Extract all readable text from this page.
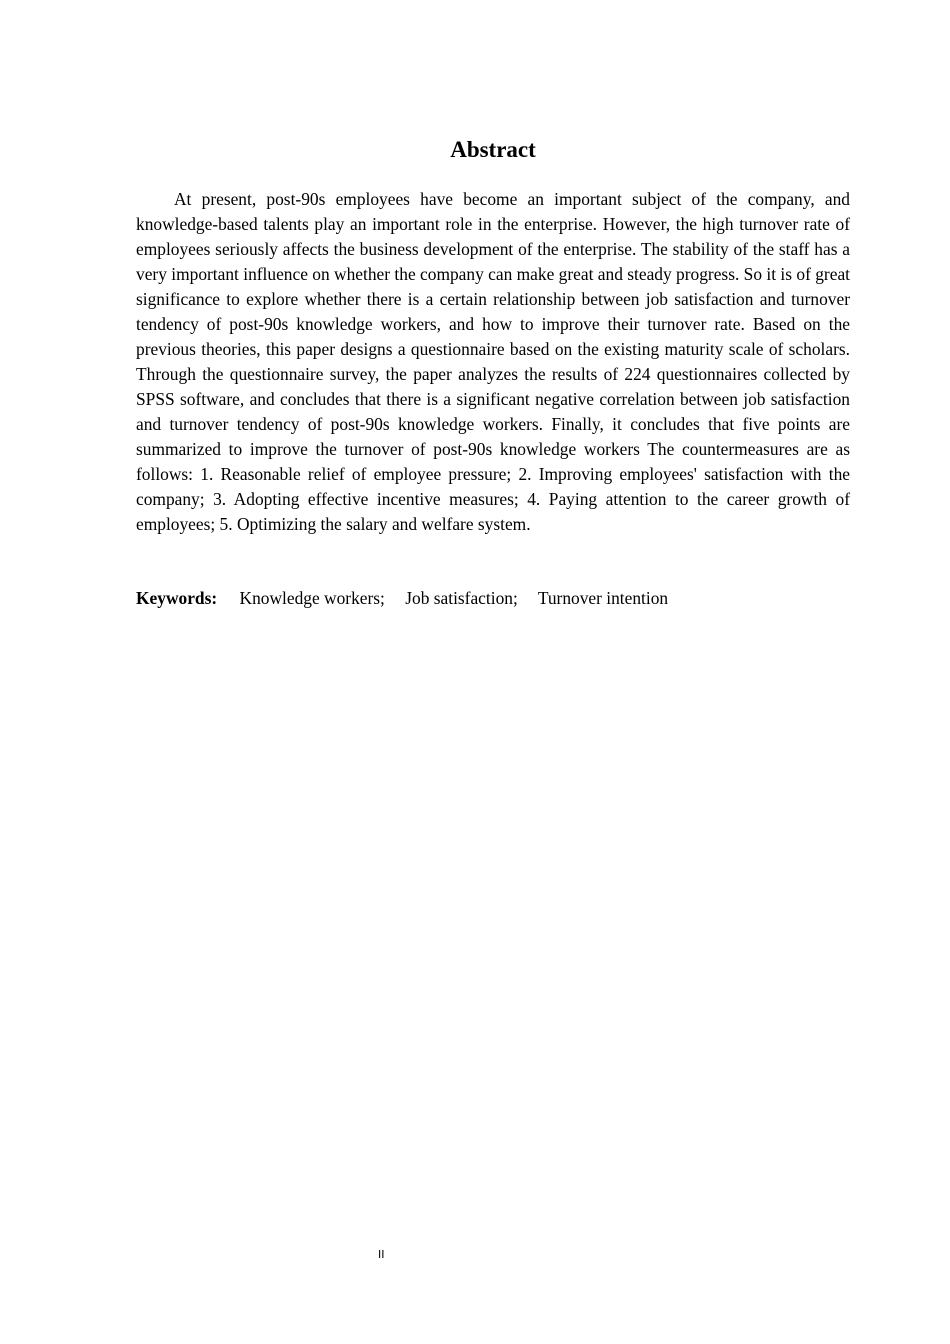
Abstract

At present, post-90s employees have become an important subject of the company, and knowledge-based talents play an important role in the enterprise. However, the high turnover rate of employees seriously affects the business development of the enterprise. The stability of the staff has a very important influence on whether the company can make great and steady progress. So it is of great significance to explore whether there is a certain relationship between job satisfaction and turnover tendency of post-90s knowledge workers, and how to improve their turnover rate. Based on the previous theories, this paper designs a questionnaire based on the existing maturity scale of scholars. Through the questionnaire survey, the paper analyzes the results of 224 questionnaires collected by SPSS software, and concludes that there is a significant negative correlation between job satisfaction and turnover tendency of post-90s knowledge workers. Finally, it concludes that five points are summarized to improve the turnover of post-90s knowledge workers The countermeasures are as follows: 1. Reasonable relief of employee pressure; 2. Improving employees' satisfaction with the company; 3. Adopting effective incentive measures; 4. Paying attention to the career growth of employees; 5. Optimizing the salary and welfare system.

Keywords: Knowledge workers; Job satisfaction; Turnover intention

II
